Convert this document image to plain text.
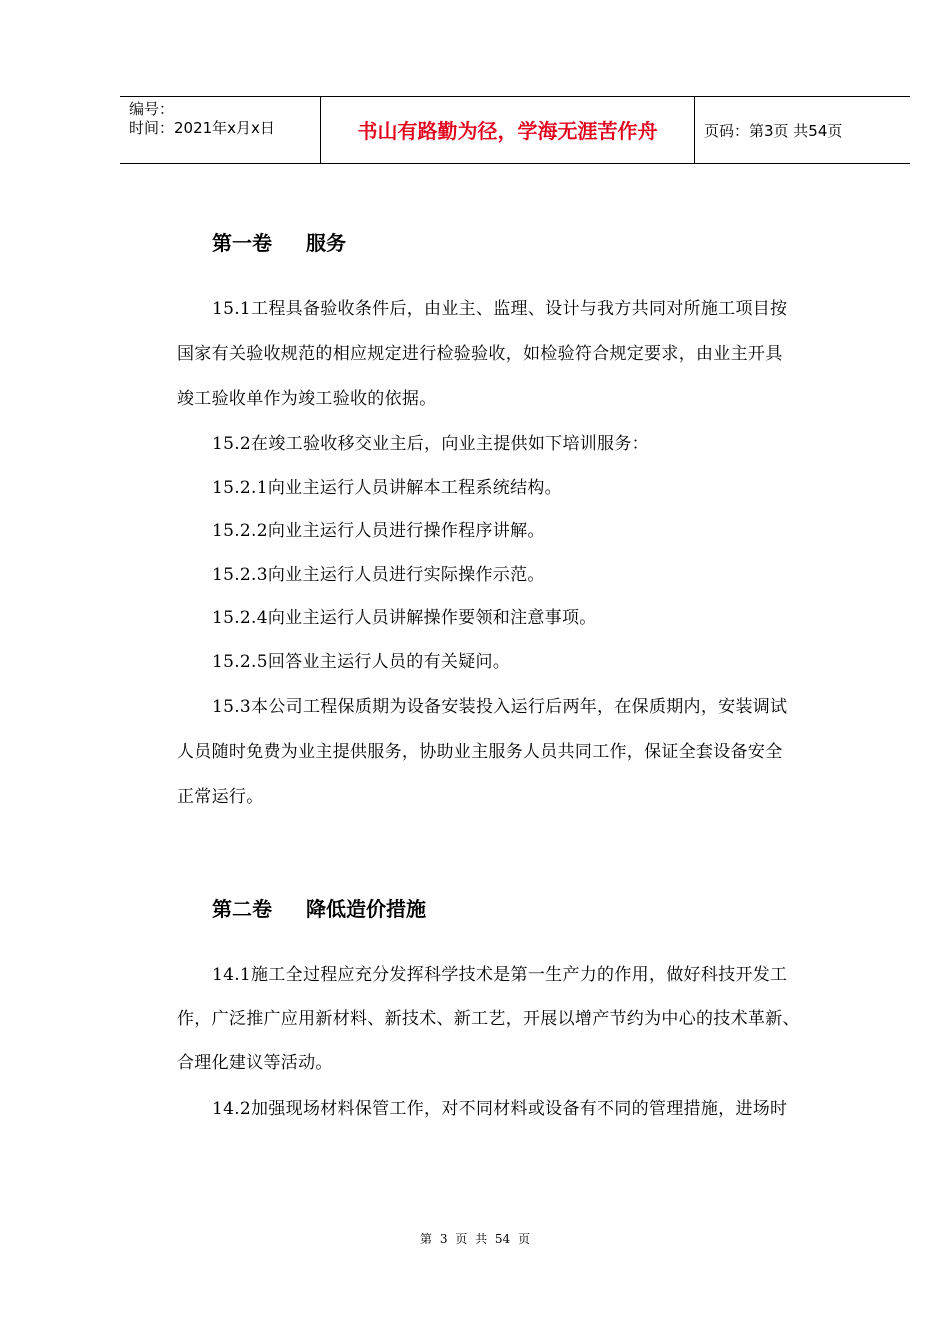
编号：
时间：2021年x月x日	书山有路勤为径，学海无涯苦作舟	页码：第3页 共54页
第一卷 服务
15.1工程具备验收条件后，由业主、监理、设计与我方共同对所施工项目按
国家有关验收规范的相应规定进行检验验收，如检验符合规定要求，由业主开具
竣工验收单作为竣工验收的依据。
15.2在竣工验收移交业主后，向业主提供如下培训服务：
15.2.1向业主运行人员讲解本工程系统结构。
15.2.2向业主运行人员进行操作程序讲解。
15.2.3向业主运行人员进行实际操作示范。
15.2.4向业主运行人员讲解操作要领和注意事项。
15.2.5回答业主运行人员的有关疑问。
15.3本公司工程保质期为设备安装投入运行后两年，在保质期内，安装调试
人员随时免费为业主提供服务，协助业主服务人员共同工作，保证全套设备安全
正常运行。
第二卷 降低造价措施
14.1施工全过程应充分发挥科学技术是第一生产力的作用，做好科技开发工
作，广泛推广应用新材料、新技术、新工艺，开展以增产节约为中心的技术革新、
合理化建议等活动。
14.2加强现场材料保管工作，对不同材料或设备有不同的管理措施，进场时
第 3 页 共 54 页
